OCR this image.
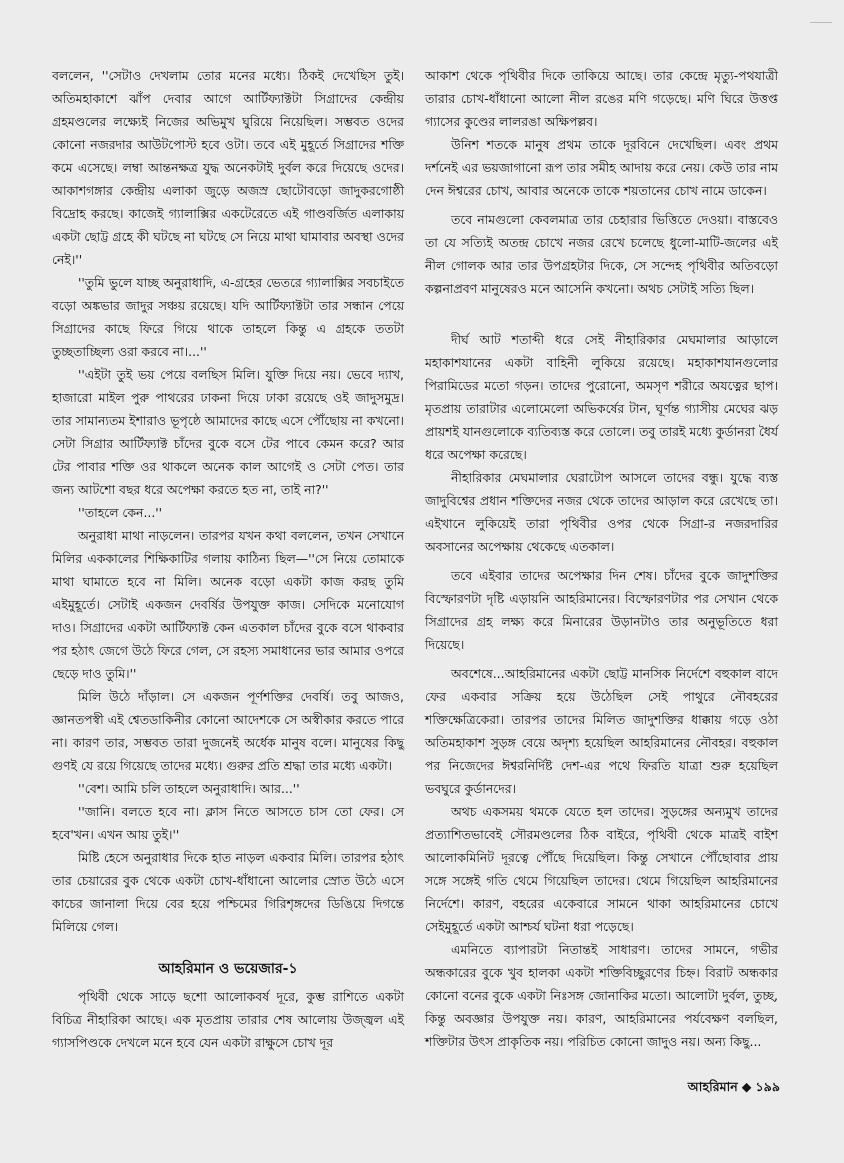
বললেন, ''সেটাও দেখলাম তোর মনের মধ্যে। ঠিকই দেখেছিস তুই। অতিমহাকাশে ঝাঁপ দেবার আগে আর্টিফ্যাক্টটা সিগ্রাদের কেন্দ্রীয় গ্রহমণ্ডলের লক্ষ্যেই নিজের অভিমুখ ঘুরিয়ে নিয়েছিল। সম্ভবত ওদের কোনো নজরদার আউটপোস্ট হবে ওটা। তবে এই মুহূর্তে সিগ্রাদের শক্তি কমে এসেছে। লম্বা আন্তনক্ষত্র যুদ্ধ অনেকটাই দুর্বল করে দিয়েছে ওদের। আকাশগঙ্গার কেন্দ্রীয় এলাকা জুড়ে অজস্র ছোটোবড়ো জাদুকরগোষ্ঠী বিদ্রোহ করছে। কাজেই গ্যালাক্সির একটেরেতে এই গাণ্ডবর্জিত এলাকায় একটা ছোট্ট গ্রহে কী ঘটছে না ঘটছে সে নিয়ে মাথা ঘামাবার অবস্থা ওদের নেই।''

''তুমি ভুলে যাচ্ছ অনুরাধাদি, এ-গ্রহের ভেতরে গ্যালাক্সির সবচাইতে বড়ো অঙ্কভার জাদুর সঞ্চয় রয়েছে। যদি আর্টিফ্যাক্টটা তার সন্ধান পেয়ে সিগ্রাদের কাছে ফিরে গিয়ে থাকে তাহলে কিন্তু এ গ্রহকে ততটা তুচ্ছতাচ্ছিল্য ওরা করবে না।...''

''এইটা তুই ভয় পেয়ে বলছিস মিলি। যুক্তি দিয়ে নয়। ভেবে দ্যাখ, হাজারো মাইল পুরু পাথরের ঢাকনা দিয়ে ঢাকা রয়েছে ওই জাদুসমুদ্র। তার সামান্যতম ইশারাও ভূপৃষ্ঠে আমাদের কাছে এসে পৌঁছোয় না কখনো। সেটা সিগ্রার আর্টিফ্যাক্ট চাঁদের বুকে বসে টের পাবে কেমন করে? আর টের পাবার শক্তি ওর থাকলে অনেক কাল আগেই ও সেটা পেত। তার জন্য আটশো বছর ধরে অপেক্ষা করতে হত না, তাই না?''

''তাহলে কেন...''

অনুরাধা মাথা নাড়লেন। তারপর যখন কথা বললেন, তখন সেখানে মিলির এককালের শিক্ষিকাটির গলায় কাঠিন্য ছিল—''সে নিয়ে তোমাকে মাথা ঘামাতে হবে না মিলি। অনেক বড়ো একটা কাজ করছ তুমি এইমুহূর্তে। সেটাই একজন দেবর্ষির উপযুক্ত কাজ। সেদিকে মনোযোগ দাও। সিগ্রাদের একটা আর্টিফ্যাক্ট কেন এতকাল চাঁদের বুকে বসে থাকবার পর হঠাৎ জেগে উঠে ফিরে গেল, সে রহস্য সমাধানের ভার আমার ওপরে ছেড়ে দাও তুমি।''

মিলি উঠে দাঁড়াল। সে একজন পূর্ণশক্তির দেবর্ষি। তবু আজও, জ্ঞানতপস্বী এই শ্বেতডাকিনীর কোনো আদেশকে সে অস্বীকার করতে পারে না। কারণ তার, সম্ভবত তারা দুজনেই অর্ধেক মানুষ বলে। মানুষের কিছু গুণই যে রয়ে গিয়েছে তাদের মধ্যে। গুরুর প্রতি শ্রদ্ধা তার মধ্যে একটা।

''বেশ। আমি চলি তাহলে অনুরাধাদি। আর...''

''জানি। বলতে হবে না। ক্লাস নিতে আসতে চাস তো ফের। সে হবে'খন। এখন আয় তুই।''

মিষ্টি হেসে অনুরাধার দিকে হাত নাড়ল একবার মিলি। তারপর হঠাৎ তার চেয়ারের বুক থেকে একটা চোখ-ধাঁধানো আলোর স্রোত উঠে এসে কাচের জানালা দিয়ে বের হয়ে পশ্চিমের গিরিশৃঙ্গদের ডিঙিয়ে দিগন্তে মিলিয়ে গেল।

আহরিমান ও ভয়েজার-১

পৃথিবী থেকে সাড়ে ছশো আলোকবর্ষ দূরে, কুম্ভ রাশিতে একটা বিচিত্র নীহারিকা আছে। এক মৃতপ্রায় তারার শেষ আলোয় উজ্জ্বল এই গ্যাসপিণ্ডকে দেখলে মনে হবে যেন একটা রাক্ষুসে চোখ দূর

আকাশ থেকে পৃথিবীর দিকে তাকিয়ে আছে। তার কেন্দ্রে মৃত্যু-পথযাত্রী তারার চোখ-ধাঁধানো আলো নীল রঙের মণি গড়েছে। মণি ঘিরে উত্তপ্ত গ্যাসের কুণ্ডের লালরঙা অক্ষিপল্লব।

উনিশ শতকে মানুষ প্রথম তাকে দূরবিনে দেখেছিল। এবং প্রথম দর্শনেই এর ভয়জাগানো রূপ তার সমীহ আদায় করে নেয়। কেউ তার নাম দেন ঈশ্বরের চোখ, আবার অনেকে তাকে শয়তানের চোখ নামে ডাকেন।

তবে নামগুলো কেবলমাত্র তার চেহারার ভিত্তিতে দেওয়া। বাস্তবেও তা যে সত্যিই অতন্দ্র চোখে নজর রেখে চলেছে ধুলো-মাটি-জলের এই নীল গোলক আর তার উপগ্রহটার দিকে, সে সন্দেহ পৃথিবীর অতিবড়ো কল্পনাপ্রবণ মানুষেরও মনে আসেনি কখনো। অথচ সেটাই সত্যি ছিল।

দীর্ঘ আট শতাব্দী ধরে সেই নীহারিকার মেঘমালার আড়ালে মহাকাশযানের একটা বাহিনী লুকিয়ে রয়েছে। মহাকাশযানগুলোর পিরামিডের মতো গড়ন। তাদের পুরোনো, অমসৃণ শরীরে অযত্নের ছাপ। মৃতপ্রায় তারাটার এলোমেলো অভিকর্ষের টান, ঘূর্ণন্ত গ্যাসীয় মেঘের ঝড় প্রায়শই যানগুলোকে ব্যতিব্যস্ত করে তোলে। তবু তারই মধ্যে কুর্ডানরা ধৈর্য ধরে অপেক্ষা করেছে।

নীহারিকার মেঘমালার ঘেরাটোপ আসলে তাদের বন্ধু। যুদ্ধে ব্যস্ত জাদুবিশ্বের প্রধান শক্তিদের নজর থেকে তাদের আড়াল করে রেখেছে তা। এইখানে লুকিয়েই তারা পৃথিবীর ওপর থেকে সিগ্রা-র নজরদারির অবসানের অপেক্ষায় থেকেছে এতকাল।

তবে এইবার তাদের অপেক্ষার দিন শেষ। চাঁদের বুকে জাদুশক্তির বিস্ফোরণটা দৃষ্টি এড়ায়নি আহরিমানের। বিস্ফোরণটার পর সেখান থেকে সিগ্রাদের গ্রহ লক্ষ্য করে মিনারের উড়ানটাও তার অনুভূতিতে ধরা দিয়েছে।

অবশেষে...আহরিমানের একটা ছোট্ট মানসিক নির্দেশে বহুকাল বাদে ফের একবার সক্রিয় হয়ে উঠেছিল সেই পাথুরে নৌবহরের শক্তিক্ষেত্রিকেরা। তারপর তাদের মিলিত জাদুশক্তির ধাক্কায় গড়ে ওঠা অতিমহাকাশ সুড়ঙ্গ বেয়ে অদৃশ্য হয়েছিল আহরিমানের নৌবহর। বহুকাল পর নিজেদের ঈশ্বরনির্দিষ্ট দেশ-এর পথে ফিরতি যাত্রা শুরু হয়েছিল ভবঘুরে কুর্ডানদের।

অথচ একসময় থমকে যেতে হল তাদের। সুড়ঙ্গের অন্যমুখ তাদের প্রত্যাশিতভাবেই সৌরমণ্ডলের ঠিক বাইরে, পৃথিবী থেকে মাত্রই বাইশ আলোকমিনিট দূরত্বে পৌঁছে দিয়েছিল। কিন্তু সেখানে পৌঁছোবার প্রায় সঙ্গে সঙ্গেই গতি থেমে গিয়েছিল তাদের। থেমে গিয়েছিল আহরিমানের নির্দেশে। কারণ, বহরের একেবারে সামনে থাকা আহরিমানের চোখে সেইমুহূর্তে একটা আশ্চর্য ঘটনা ধরা পড়েছে।

এমনিতে ব্যাপারটা নিতান্তই সাধারণ। তাদের সামনে, গভীর অন্ধকারের বুকে খুব হালকা একটা শক্তিবিচ্ছুরণের চিহ্ন। বিরাট অন্ধকার কোনো বনের বুকে একটা নিঃসঙ্গ জোনাকির মতো। আলোটা দুর্বল, তুচ্ছ, কিন্তু অবজ্ঞার উপযুক্ত নয়। কারণ, আহরিমানের পর্যবেক্ষণ বলছিল, শক্তিটার উৎস প্রাকৃতিক নয়। পরিচিত কোনো জাদুও নয়। অন্য কিছু...

আহরিমান ◆ ১৯৯
